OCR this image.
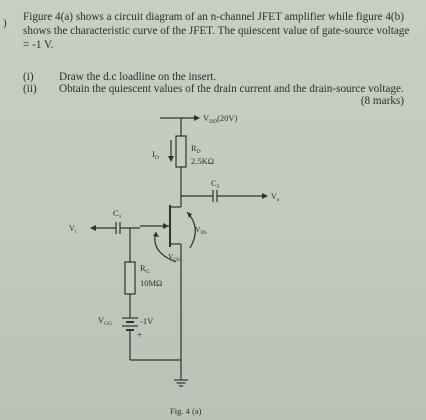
) Figure 4(a) shows a circuit diagram of an n-channel JFET amplifier while figure 4(b) shows the characteristic curve of the JFET. The quiescent value of gate-source voltage = -1 V.
(i) Draw the d.c loadline on the insert.
(ii) Obtain the quiescent values of the drain current and the drain-source voltage.
(8 marks)
$V_{DD}(20V)$
$R_D$
2.5KΩ
$I_D$
$C_2$
$V_o$
$V_{DS}$
$V_{GS}$
$C_1$
$V_i$
$R_G$
10MΩ
$V_{GG}$	-1V
+
Fig. 4 (a)
